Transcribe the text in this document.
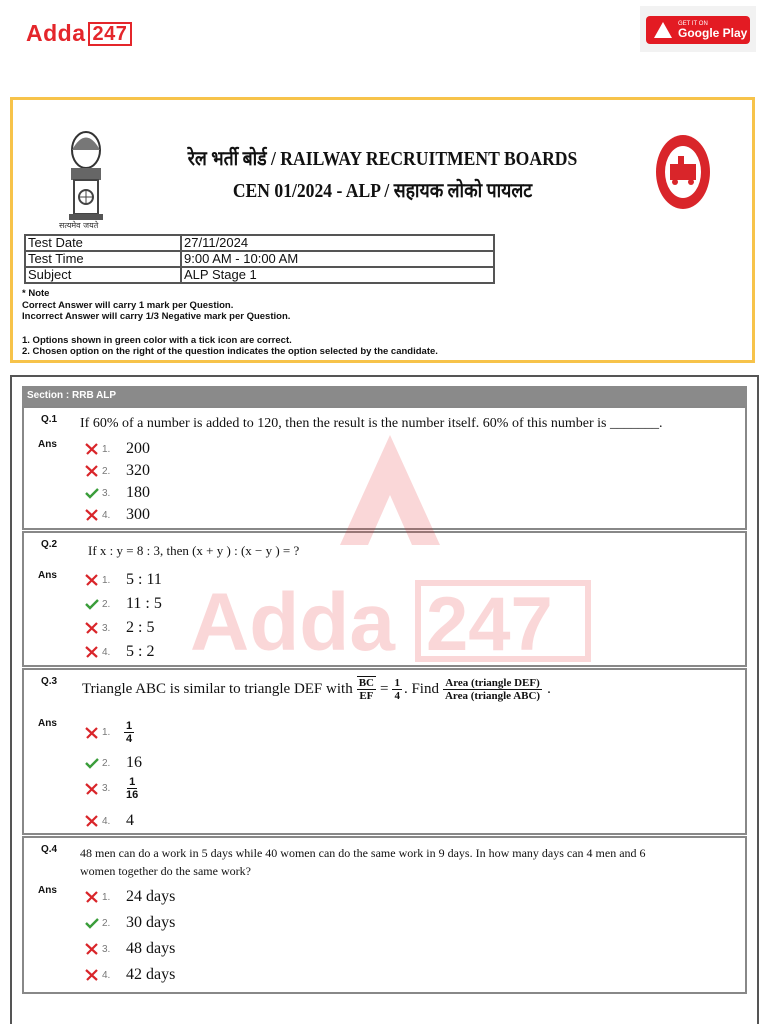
Adda 247	GET IT ON
Google Play
सत्यमेव जयते
रेल भर्ती बोर्ड / RAILWAY RECRUITMENT BOARDS
CEN 01/2024 - ALP / सहायक लोको पायलट
Test Date	27/11/2024
Test Time	9:00 AM - 10:00 AM
Subject	ALP Stage 1
* Note
Correct Answer will carry 1 mark per Question.
Incorrect Answer will carry 1/3 Negative mark per Question.
1. Options shown in green color with a tick icon are correct.
2. Chosen option on the right of the question indicates the option selected by the candidate.
Section : RRB ALP
Q.1 If 60% of a number is added to 120, then the result is the number itself. 60% of this number is _______.
Ans	1. 200
2. 320
3. 180
4. 300
Q.2 If x : y = 8 : 3, then (x + y ) : (x − y ) = ?
Ans	1. 5 : 11
2. 11 : 5
3. 2 : 5
4. 5 : 2
Q.3 Triangle ABC is similar to triangle DEF with $\frac{BC}{EF} = \frac{1}{4}$ . Find $\frac{\text{Area (triangle DEF)}}{\text{Area (triangle ABC)}}$ .
Ans
1.	$\frac{1}{4}$
2. 16
3.	$\frac{1}{16}$
4. 4
Q.4 48 men can do a work in 5 days while 40 women can do the same work in 9 days. In how many days can 4 men and 6
women together do the same work?
Ans
1. 24 days
2. 30 days
3. 48 days
4. 42 days
Adda 247
